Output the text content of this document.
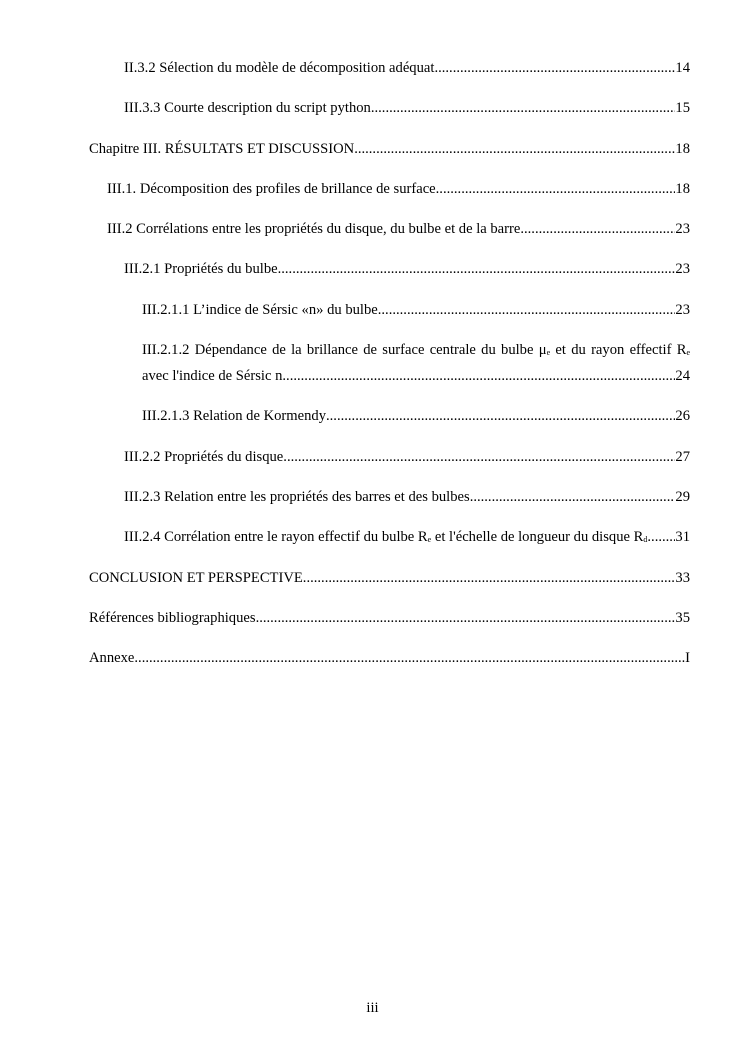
II.3.2 Sélection du modèle de décomposition adéquat .....	14
III.3.3 Courte description du script python .....	15
Chapitre III. RÉSULTATS ET DISCUSSION .....	18
III.1. Décomposition des profiles de brillance de surface .....	18
III.2 Corrélations entre les propriétés du disque, du bulbe et de la barre .....	23
III.2.1 Propriétés du bulbe .....	23
III.2.1.1 L’indice de Sérsic «n» du bulbe .....	23
III.2.1.2 Dépendance de la brillance de surface centrale du bulbe $\mu_e$ et du rayon effectif $R_e$
avec l'indice de Sérsic n .....	24
III.2.1.3 Relation de Kormendy .....	26
III.2.2 Propriétés du disque .....	27
III.2.3 Relation entre les propriétés des barres et des bulbes .....	29
III.2.4 Corrélation entre le rayon effectif du bulbe $R_e$ et l'échelle de longueur du disque $R_d$ ..... 31
CONCLUSION ET PERSPECTIVE .....	33
Références bibliographiques .....	35
Annexe .....	I
iii
